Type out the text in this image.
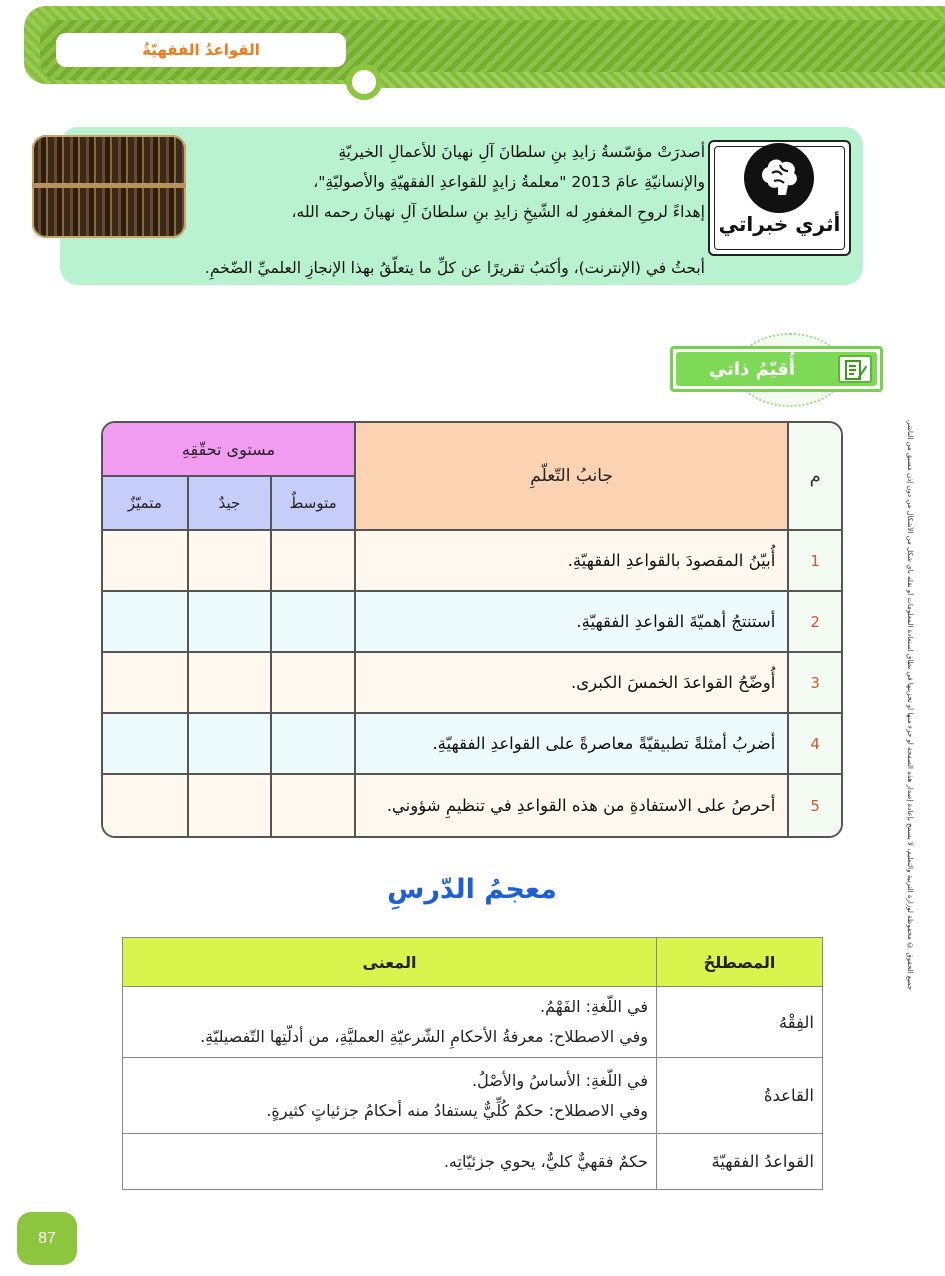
القواعدُ الفقهيّةُ
أثري خبراتي
أصدرَتْ مؤسّسةُ زايدِ بنِ سلطانَ آلِ نهيانَ للأعمالِ الخيريّةِ
والإنسانيّةِ عامَ 2013 "معلمةُ زايدٍ للقواعدِ الفقهيّةِ والأصوليّةِ"،
إهداءً لروحِ المغفورِ له الشّيخِ زايدِ بنِ سلطانَ آلِ نهيانَ رحمه الله،
أبحثُ في (الإنترنت)، وأكتبُ تقريرًا عن كلِّ ما يتعلّقُ بهذا الإنجازِ العلميِّ الضّخمِ.
جميع الحقوق © محفوظة لوزارة التربية والتعليم، لا يسمح بإعادة إصدار هذه الصفحة أو جزء منها أو تخزينها في نطاق استعادة المعلومات أو نقله بأي شكل من الأشكال من دون إذن مسبق من الناشر.
أُقيّمُ ذاتي
م	جانبُ التّعلّمِ	مستوى تحقّقِهِ		
		متوسطٌ	جيدٌ	متميّزٌ
1	أُبيّنُ المقصودَ بالقواعدِ الفقهيّةِ.			
2	أستنتجُ أهميّةَ القواعدِ الفقهيّةِ.			
3	أُوضّحُ القواعدَ الخمسَ الكبرى.			
4	أضربُ أمثلةً تطبيقيّةً معاصرةً على القواعدِ الفقهيّةِ.			
5	أحرصُ على الاستفادةِ من هذه القواعدِ في تنظيمِ شؤوني.			
معجمُ الدّرسِ
المصطلحُ	المعنى
الفِقْهُ	في اللّغةِ: الفَهْمُ.
وفي الاصطلاح: معرفةُ الأحكامِ الشّرعيّةِ العمليَّةِ، من أدلّتِها التّفصيليّةِ.

القاعدةُ	في اللّغةِ: الأساسُ والأصْلُ.
وفي الاصطلاح: حكمٌ كُلِّيٌّ يستفادُ منه أحكامُ جزئياتٍ كثيرةٍ.

القواعدُ الفقهيّةَ	حكمٌ فقهيٌّ كليٌّ، يحوي جزئيّاتِه.
87
